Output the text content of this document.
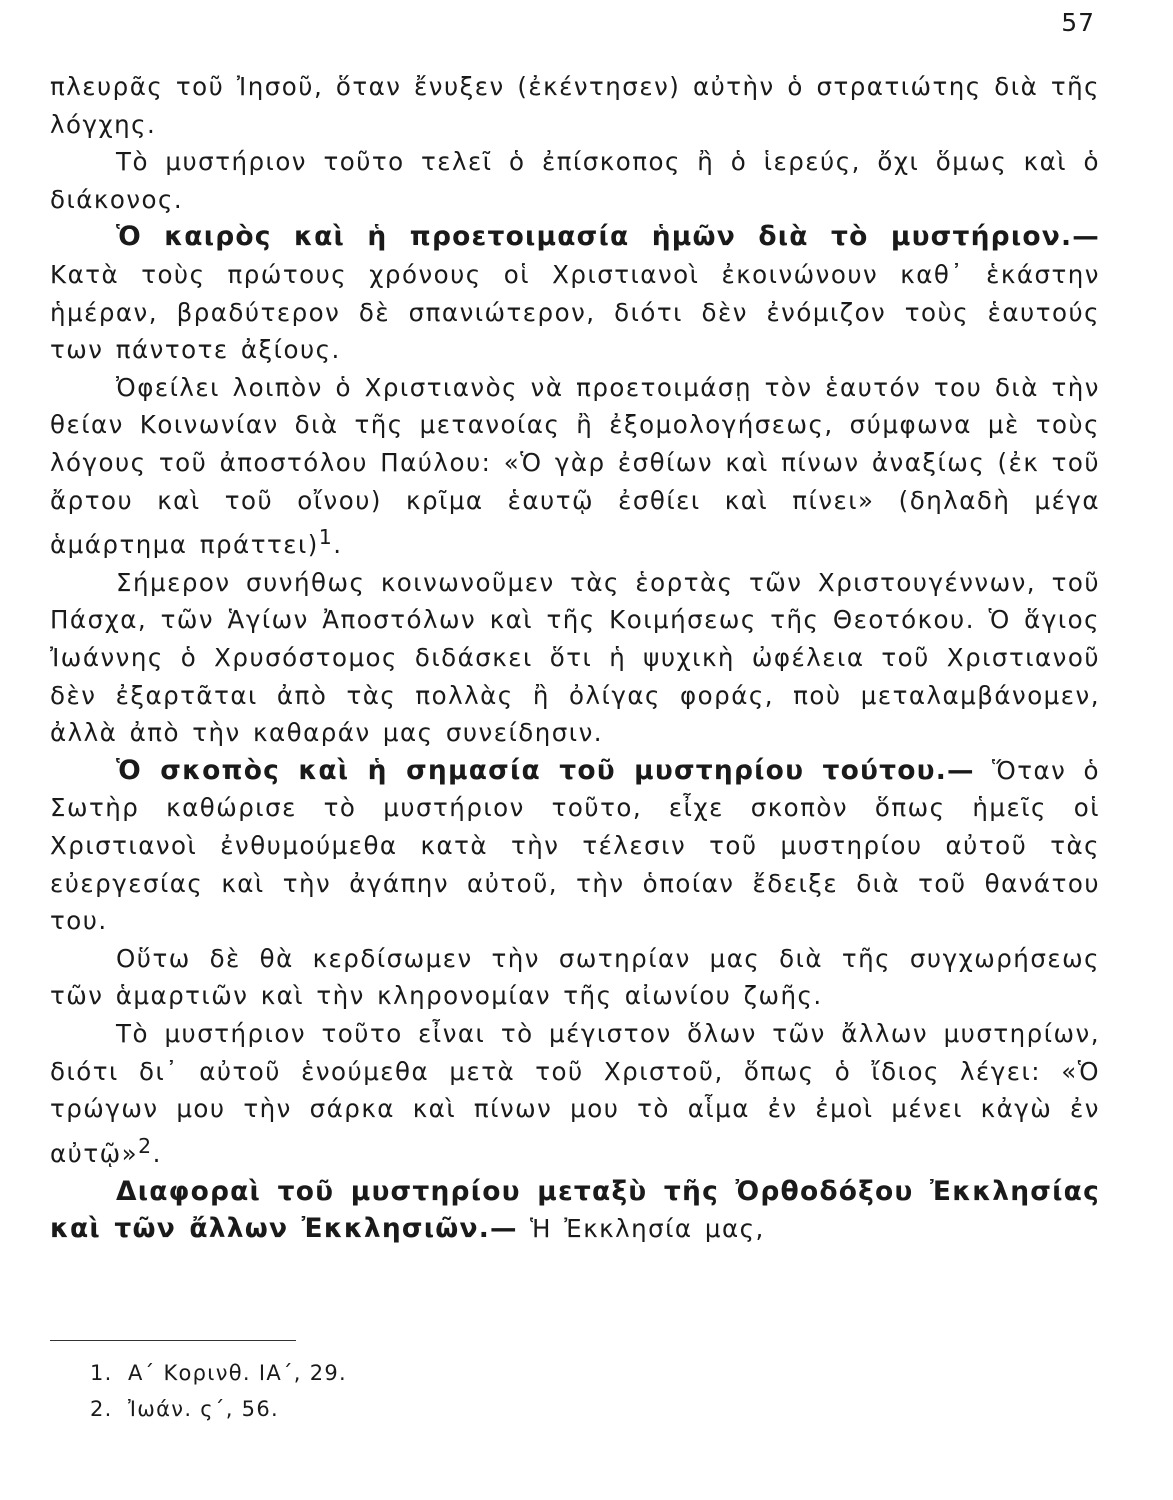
57

πλευρᾶς τοῦ Ἰησοῦ, ὅταν ἔνυξεν (ἐκέντησεν) αὐτὴν ὁ στρατιώτης διὰ τῆς λόγχης.

Τὸ μυστήριον τοῦτο τελεῖ ὁ ἐπίσκοπος ἢ ὁ ἱερεύς, ὄχι ὅμως καὶ ὁ διάκονος.

Ὁ καιρὸς καὶ ἡ προετοιμασία ἡμῶν διὰ τὸ μυστήριον.— Κατὰ τοὺς πρώτους χρόνους οἱ Χριστιανοὶ ἐκοινώνουν καθ᾽ ἑκάστην ἡμέραν, βραδύτερον δὲ σπανιώτερον, διότι δὲν ἐνόμιζον τοὺς ἑαυτούς των πάντοτε ἀξίους.

Ὀφείλει λοιπὸν ὁ Χριστιανὸς νὰ προετοιμάσῃ τὸν ἑαυτόν του διὰ τὴν θείαν Κοινωνίαν διὰ τῆς μετανοίας ἢ ἐξομολογήσεως, σύμφωνα μὲ τοὺς λόγους τοῦ ἀποστόλου Παύλου: «Ὁ γὰρ ἐσθίων καὶ πίνων ἀναξίως (ἐκ τοῦ ἄρτου καὶ τοῦ οἴνου) κρῖμα ἑαυτῷ ἐσθίει καὶ πίνει» (δηλαδὴ μέγα ἁμάρτημα πράττει)$^1$.

Σήμερον συνήθως κοινωνοῦμεν τὰς ἑορτὰς τῶν Χριστουγέννων, τοῦ Πάσχα, τῶν Ἁγίων Ἀποστόλων καὶ τῆς Κοιμήσεως τῆς Θεοτόκου. Ὁ ἅγιος Ἰωάννης ὁ Χρυσόστομος διδάσκει ὅτι ἡ ψυχικὴ ὠφέλεια τοῦ Χριστιανοῦ δὲν ἐξαρτᾶται ἀπὸ τὰς πολλὰς ἢ ὀλίγας φοράς, ποὺ μεταλαμβάνομεν, ἀλλὰ ἀπὸ τὴν καθαράν μας συνείδησιν.

Ὁ σκοπὸς καὶ ἡ σημασία τοῦ μυστηρίου τούτου.— Ὅταν ὁ Σωτὴρ καθώρισε τὸ μυστήριον τοῦτο, εἶχε σκοπὸν ὅπως ἡμεῖς οἱ Χριστιανοὶ ἐνθυμούμεθα κατὰ τὴν τέλεσιν τοῦ μυστηρίου αὐτοῦ τὰς εὐεργεσίας καὶ τὴν ἀγάπην αὐτοῦ, τὴν ὁποίαν ἔδειξε διὰ τοῦ θανάτου του.

Οὕτω δὲ θὰ κερδίσωμεν τὴν σωτηρίαν μας διὰ τῆς συγχωρήσεως τῶν ἁμαρτιῶν καὶ τὴν κληρονομίαν τῆς αἰωνίου ζωῆς.

Τὸ μυστήριον τοῦτο εἶναι τὸ μέγιστον ὅλων τῶν ἄλλων μυστηρίων, διότι δι᾽ αὐτοῦ ἑνούμεθα μετὰ τοῦ Χριστοῦ, ὅπως ὁ ἴδιος λέγει: «Ὁ τρώγων μου τὴν σάρκα καὶ πίνων μου τὸ αἷμα ἐν ἐμοὶ μένει κἀγὼ ἐν αὐτῷ»$^2$.

Διαφοραὶ τοῦ μυστηρίου μεταξὺ τῆς Ὀρθοδόξου Ἐκκλησίας καὶ τῶν ἄλλων Ἐκκλησιῶν.— Ἡ Ἐκκλησία μας,

1. Α΄ Κορινθ. ΙΑ΄, 29.
2. Ἰωάν. ς΄, 56.
